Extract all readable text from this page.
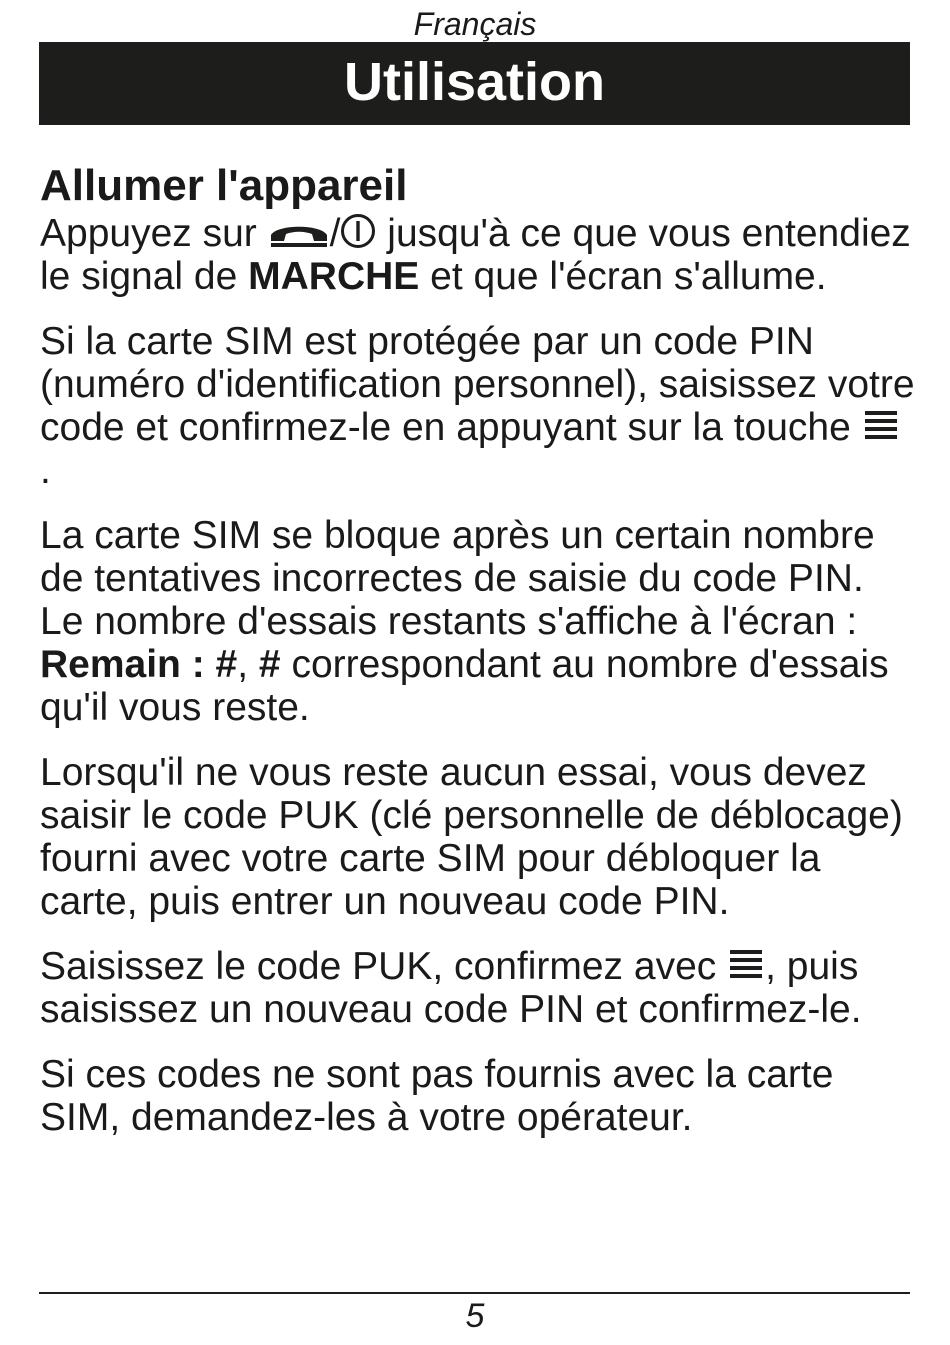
Français
Utilisation
Allumer l'appareil

Appuyez sur
/
jusqu'à ce que vous entendiez le signal de MARCHE et que l'écran s'allume.

Si la carte SIM est protégée par un code PIN (numéro d'identification personnel), saisissez votre code et confirmez-le en appuyant sur la touche
.

La carte SIM se bloque après un certain nombre de tentatives incorrectes de saisie du code PIN. Le nombre d'essais restants s'affiche à l'écran : Remain : #, # correspondant au nombre d'essais qu'il vous reste.

Lorsqu'il ne vous reste aucun essai, vous devez saisir le code PUK (clé personnelle de déblocage) fourni avec votre carte SIM pour débloquer la carte, puis entrer un nouveau code PIN.

Saisissez le code PUK, confirmez avec
, puis saisissez un nouveau code PIN et confirmez-le.

Si ces codes ne sont pas fournis avec la carte SIM, demandez-les à votre opérateur.

5
